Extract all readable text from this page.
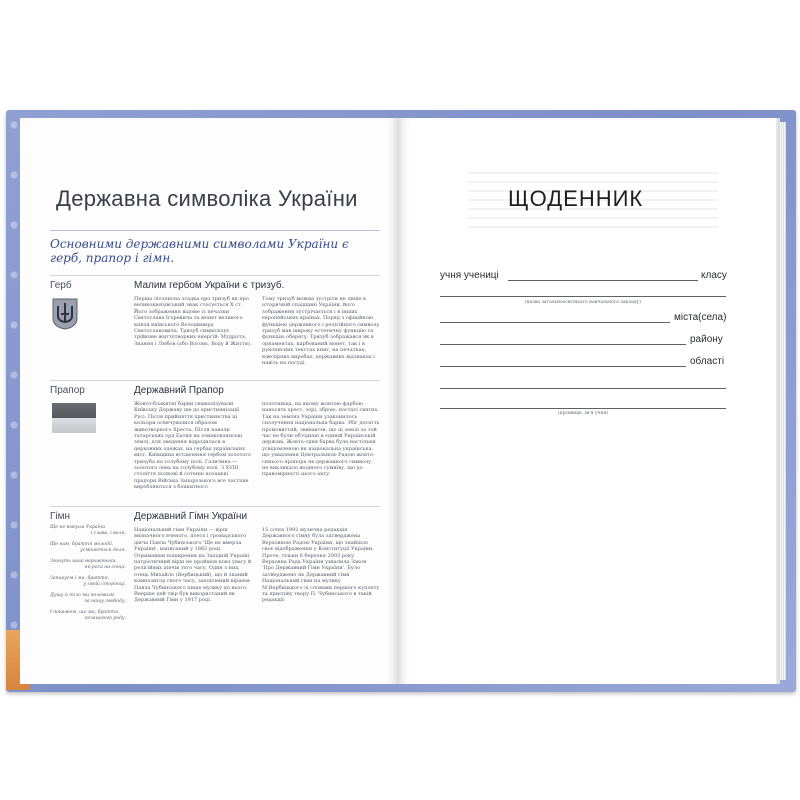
Державна символіка України
Основними державними символами України є герб, прапор і гімн.
Герб	Малим гербом України є тризуб.
Перша літописна згадка про тризуб як про великокнязівський знак стосується X ст. Його зображення відоме із печатки Святослава Ігоревича та монет великого князя київського Володимира Святославовича. Тризуб символізує трійкове життєтворних енергій: Мудрість, Знання і Любов (або Вогонь, Воду й Життя).
Тому тризуб можна зустріти не лише в історичній спадщині України, його зображення зустрічається і в інших європейських країнах. Поряд з офіційною функцією державного і релігійного символу тризуб мав широку естетичну функцію та функцію оберегу. Тризуб зображався як в орнаментах, карбований монет, так і в рукописних текстах книг, на печатках, ювелірних виробах, державних відзнаках і навіть на посуді.
Прапор	Державний Прапор
Жовто-блакитні барви символізували Київську Державу ще до християнізації Русі. Після прийняття християнства ці кольори освячувалися образом животворного Хреста. Після навали татарських орд Батия на ознаковлянські землі, для зведення відродилася в церковних одежах, на гербах українських міст. Київщина вставлення гербом золотого тризуба на голубому полі. Галичина — золотого лева на голубому полі. З XVIII століття полкові й сотенні козацькі прапори Війська Запорозького все частіше виробляються з блакитного
полотнища, на якому жовтою фарбою наносять хрест, зорі, зброю, постаті святих. Так на землях України узаконилось сполучення національна барва. Збіг досягть промовистий, звиваючи, що ці землі за той час не були об'єднані в єдиній Українській державі. Жовто-синя барва була настільки усвідомленою як національна українська, що ухвалення Центральною Радою жовто-синього прапора як державного символу, не викликало жодного сумніву, що до правомірності цього акту.
Гімн	Державний Гімн України

Ще не вмерла України

і слава, і воля,

Ще нам, браття молодії,

усміхнеться доля.

Згинуть наші вороженьки,

як роса на сонці.

Запануєм і ми, браття,

у своїй сторонці.

Душу й тіло ми положим

за нашу свободу,

І покажем, що ми, браття,

козацького роду.

Національний гімн України — вірш визначного вченого, поета і громадського діяча Павла Чубинського 'Ще не вмерла України', написаний у 1862 році. Отримавши поширення на Західній Україні патріотичний вірш не пройшов повз увагу й релігійних діячів того часу. Один з них, отець Михайло (Вербицький), що й знаний композитор свого часу, захоплений віршем Павла Чубинського пише музику до нього. Вперше цей твір був використаний як Державний Гімн у 1917 році.
15 січня 1992 музична редакція Державного гімну була затверджена Верховною Радою України, що знайшло своє відображення у Конституції України. Проте, тільки 6 березня 2003 року Верховна Рада України ухвалила Закон 'Про Державний Гімн України'. Було затверджено як Державний гімн Національний гімн на музику М.Вербицького зі словами першого куплету та приспіву твору П. Чубинського в такій редакції:
ЩОДЕННИК
учня учениці	класу
(назва загальноосвітнього навчального закладу)
міста(села)
району
області
(прізвище, ім'я учня)
